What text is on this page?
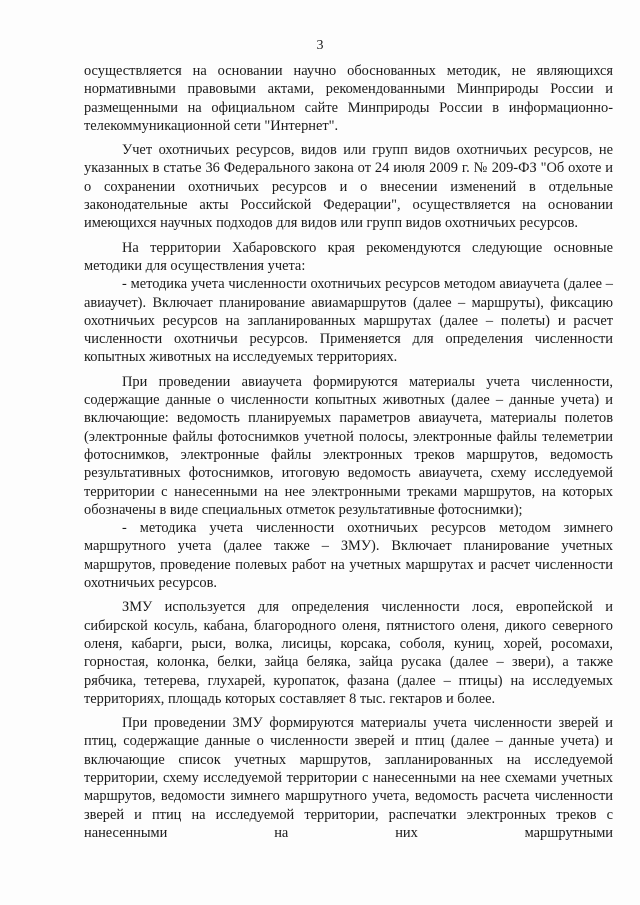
3

осуществляется на основании научно обоснованных методик, не являющихся нормативными правовыми актами, рекомендованными Минприроды России и размещенными на официальном сайте Минприроды России в информационно-телекоммуникационной сети "Интернет".

Учет охотничьих ресурсов, видов или групп видов охотничьих ресурсов, не указанных в статье 36 Федерального закона от 24 июля 2009 г. № 209-ФЗ "Об охоте и о сохранении охотничьих ресурсов и о внесении изменений в отдельные законодательные акты Российской Федерации", осуществляется на основании имеющихся научных подходов для видов или групп видов охотничьих ресурсов.

На территории Хабаровского края рекомендуются следующие основные методики для осуществления учета:

- методика учета численности охотничьих ресурсов методом авиаучета (далее – авиаучет). Включает планирование авиамаршрутов (далее – маршруты), фиксацию охотничьих ресурсов на запланированных маршрутах (далее – полеты) и расчет численности охотничьи ресурсов. Применяется для определения численности копытных животных на исследуемых территориях.

При проведении авиаучета формируются материалы учета численности, содержащие данные о численности копытных животных (далее – данные учета) и включающие: ведомость планируемых параметров авиаучета, материалы полетов (электронные файлы фотоснимков учетной полосы, электронные файлы телеметрии фотоснимков, электронные файлы электронных треков маршрутов, ведомость результативных фотоснимков, итоговую ведомость авиаучета, схему исследуемой территории с нанесенными на нее электронными треками маршрутов, на которых обозначены в виде специальных отметок результативные фотоснимки);

- методика учета численности охотничьих ресурсов методом зимнего маршрутного учета (далее также – ЗМУ). Включает планирование учетных маршрутов, проведение полевых работ на учетных маршрутах и расчет численности охотничьих ресурсов.

ЗМУ используется для определения численности лося, европейской и сибирской косуль, кабана, благородного оленя, пятнистого оленя, дикого северного оленя, кабарги, рыси, волка, лисицы, корсака, соболя, куниц, хорей, росомахи, горностая, колонка, белки, зайца беляка, зайца русака (далее – звери), а также рябчика, тетерева, глухарей, куропаток, фазана (далее – птицы) на исследуемых территориях, площадь которых составляет 8 тыс. гектаров и более.

При проведении ЗМУ формируются материалы учета численности зверей и птиц, содержащие данные о численности зверей и птиц (далее – данные учета) и включающие список учетных маршрутов, запланированных на исследуемой территории, схему исследуемой территории с нанесенными на нее схемами учетных маршрутов, ведомости зимнего маршрутного учета, ведомость расчета численности зверей и птиц на исследуемой территории, распечатки электронных треков с нанесенными на них маршрутными
